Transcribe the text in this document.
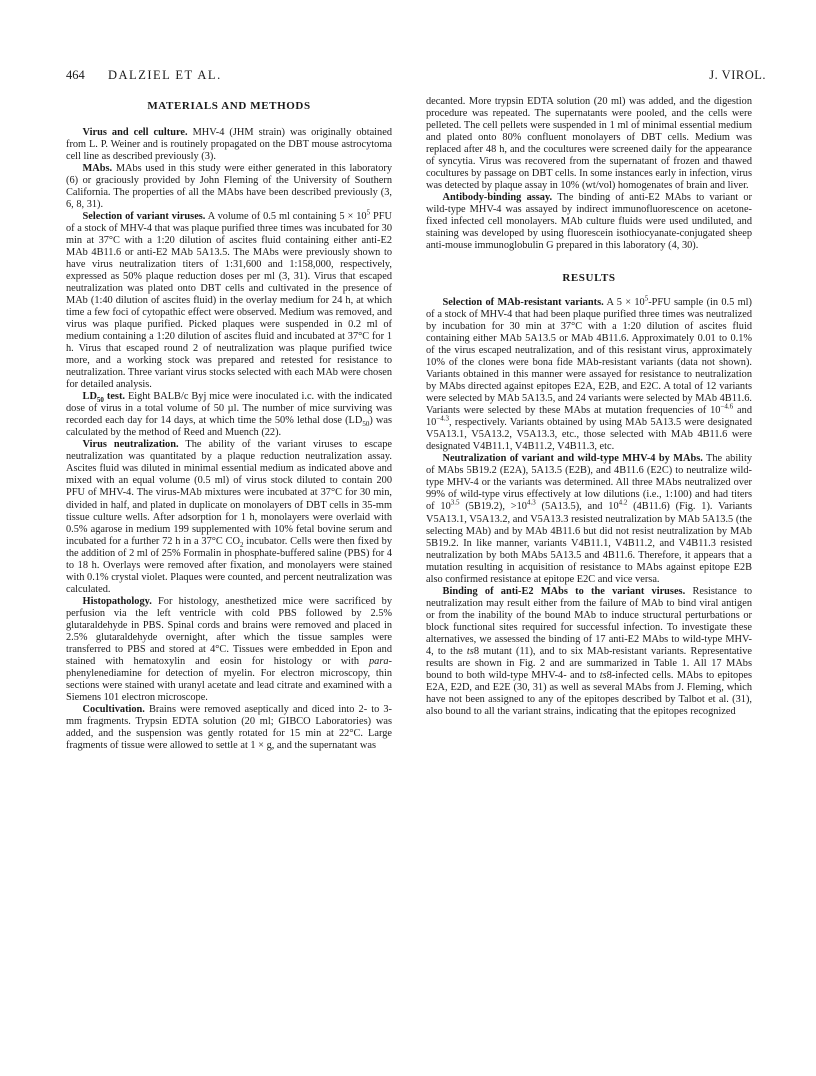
464 DALZIEL ET AL.	J. VIROL.
MATERIALS AND METHODS

Virus and cell culture. MHV-4 (JHM strain) was originally obtained from L. P. Weiner and is routinely propagated on the DBT mouse astrocytoma cell line as described previously (3).

MAbs. MAbs used in this study were either generated in this laboratory (6) or graciously provided by John Fleming of the University of Southern California. The properties of all the MAbs have been described previously (3, 6, 8, 31).

Selection of variant viruses. A volume of 0.5 ml containing $5 \times 10^5$ PFU of a stock of MHV-4 that was plaque purified three times was incubated for 30 min at 37°C with a 1:20 dilution of ascites fluid containing either anti-E2 MAb 4B11.6 or anti-E2 MAb 5A13.5. The MAbs were previously shown to have virus neutralization titers of 1:31,600 and 1:158,000, respectively, expressed as 50% plaque reduction doses per ml (3, 31). Virus that escaped neutralization was plated onto DBT cells and cultivated in the presence of MAb (1:40 dilution of ascites fluid) in the overlay medium for 24 h, at which time a few foci of cytopathic effect were observed. Medium was removed, and virus was plaque purified. Picked plaques were suspended in 0.2 ml of medium containing a 1:20 dilution of ascites fluid and incubated at 37°C for 1 h. Virus that escaped round 2 of neutralization was plaque purified twice more, and a working stock was prepared and retested for resistance to neutralization. Three variant virus stocks selected with each MAb were chosen for detailed analysis.

$LD_{50}$ test. Eight BALB/c Byj mice were inoculated i.c. with the indicated dose of virus in a total volume of 50 µl. The number of mice surviving was recorded each day for 14 days, at which time the 50% lethal dose $(LD_{50})$ was calculated by the method of Reed and Muench (22).

Virus neutralization. The ability of the variant viruses to escape neutralization was quantitated by a plaque reduction neutralization assay. Ascites fluid was diluted in minimal essential medium as indicated above and mixed with an equal volume (0.5 ml) of virus stock diluted to contain 200 PFU of MHV-4. The virus-MAb mixtures were incubated at 37°C for 30 min, divided in half, and plated in duplicate on monolayers of DBT cells in 35-mm tissue culture wells. After adsorption for 1 h, monolayers were overlaid with 0.5% agarose in medium 199 supplemented with 10% fetal bovine serum and incubated for a further 72 h in a 37°C $CO_2$ incubator. Cells were then fixed by the addition of 2 ml of 25% Formalin in phosphate-buffered saline (PBS) for 4 to 18 h. Overlays were removed after fixation, and monolayers were stained with 0.1% crystal violet. Plaques were counted, and percent neutralization was calculated.

Histopathology. For histology, anesthetized mice were sacrificed by perfusion via the left ventricle with cold PBS followed by 2.5% glutaraldehyde in PBS. Spinal cords and brains were removed and placed in 2.5% glutaraldehyde overnight, after which the tissue samples were transferred to PBS and stored at 4°C. Tissues were embedded in Epon and stained with hematoxylin and eosin for histology or with para-phenylenediamine for detection of myelin. For electron microscopy, thin sections were stained with uranyl acetate and lead citrate and examined with a Siemens 101 electron microscope.

Cocultivation. Brains were removed aseptically and diced into 2- to 3-mm fragments. Trypsin EDTA solution (20 ml; GIBCO Laboratories) was added, and the suspension was gently rotated for 15 min at 22°C. Large fragments of tissue were allowed to settle at 1 × g, and the supernatant was

decanted. More trypsin EDTA solution (20 ml) was added, and the digestion procedure was repeated. The supernatants were pooled, and the cells were pelleted. The cell pellets were suspended in 1 ml of minimal essential medium and plated onto 80% confluent monolayers of DBT cells. Medium was replaced after 48 h, and the cocultures were screened daily for the appearance of syncytia. Virus was recovered from the supernatant of frozen and thawed cocultures by passage on DBT cells. In some instances early in infection, virus was detected by plaque assay in 10% (wt/vol) homogenates of brain and liver.

Antibody-binding assay. The binding of anti-E2 MAbs to variant or wild-type MHV-4 was assayed by indirect immunofluorescence on acetone-fixed infected cell monolayers. MAb culture fluids were used undiluted, and staining was developed by using fluorescein isothiocyanate-conjugated sheep anti-mouse immunoglobulin G prepared in this laboratory (4, 30).

RESULTS

Selection of MAb-resistant variants. A $5 \times 10^5$-PFU sample (in 0.5 ml) of a stock of MHV-4 that had been plaque purified three times was neutralized by incubation for 30 min at 37°C with a 1:20 dilution of ascites fluid containing either MAb 5A13.5 or MAb 4B11.6. Approximately 0.01 to 0.1% of the virus escaped neutralization, and of this resistant virus, approximately 10% of the clones were bona fide MAb-resistant variants (data not shown). Variants obtained in this manner were assayed for resistance to neutralization by MAbs directed against epitopes E2A, E2B, and E2C. A total of 12 variants were selected by MAb 5A13.5, and 24 variants were selected by MAb 4B11.6. Variants were selected by these MAbs at mutation frequencies of $10^{-4.6}$ and $10^{-4.3}$, respectively. Variants obtained by using MAb 5A13.5 were designated V5A13.1, V5A13.2, V5A13.3, etc., those selected with MAb 4B11.6 were designated V4B11.1, V4B11.2, V4B11.3, etc.

Neutralization of variant and wild-type MHV-4 by MAbs. The ability of MAbs 5B19.2 (E2A), 5A13.5 (E2B), and 4B11.6 (E2C) to neutralize wild-type MHV-4 or the variants was determined. All three MAbs neutralized over 99% of wild-type virus effectively at low dilutions (i.e., 1:100) and had titers of $10^{3.5}$ (5B19.2), $>10^{4.3}$ (5A13.5), and $10^{4.2}$ (4B11.6) (Fig. 1). Variants V5A13.1, V5A13.2, and V5A13.3 resisted neutralization by MAb 5A13.5 (the selecting MAb) and by MAb 4B11.6 but did not resist neutralization by MAb 5B19.2. In like manner, variants V4B11.1, V4B11.2, and V4B11.3 resisted neutralization by both MAbs 5A13.5 and 4B11.6. Therefore, it appears that a mutation resulting in acquisition of resistance to MAbs against epitope E2B also confirmed resistance at epitope E2C and vice versa.

Binding of anti-E2 MAbs to the variant viruses. Resistance to neutralization may result either from the failure of MAb to bind viral antigen or from the inability of the bound MAb to induce structural perturbations or block functional sites required for successful infection. To investigate these alternatives, we assessed the binding of 17 anti-E2 MAbs to wild-type MHV-4, to the ts8 mutant (11), and to six MAb-resistant variants. Representative results are shown in Fig. 2 and are summarized in Table 1. All 17 MAbs bound to both wild-type MHV-4- and to ts8-infected cells. MAbs to epitopes E2A, E2D, and E2E (30, 31) as well as several MAbs from J. Fleming, which have not been assigned to any of the epitopes described by Talbot et al. (31), also bound to all the variant strains, indicating that the epitopes recognized
